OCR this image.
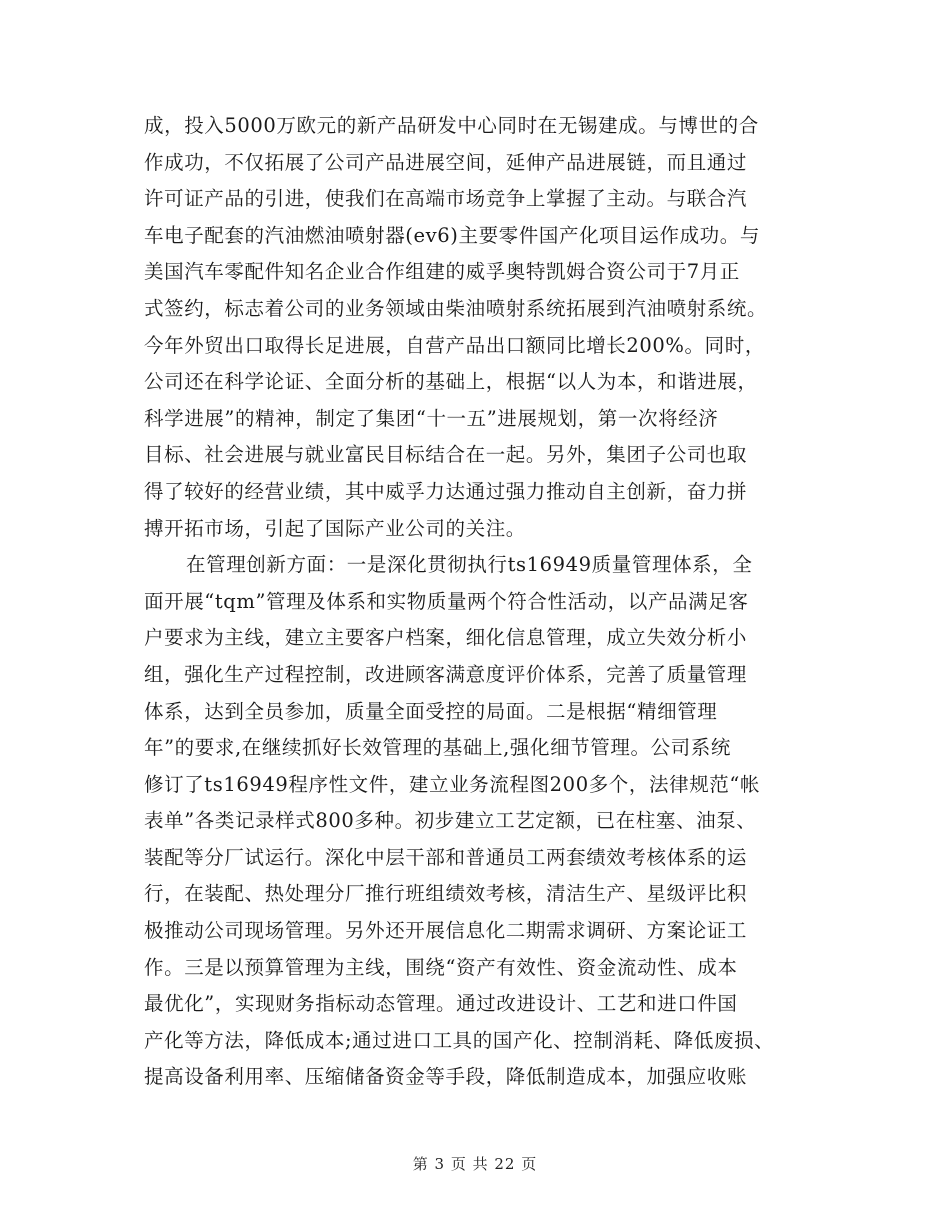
成，投入5000万欧元的新产品研发中心同时在无锡建成。与博世的合
作成功，不仅拓展了公司产品进展空间，延伸产品进展链，而且通过
许可证产品的引进，使我们在高端市场竞争上掌握了主动。与联合汽
车电子配套的汽油燃油喷射器(ev6)主要零件国产化项目运作成功。与
美国汽车零配件知名企业合作组建的威孚奥特凯姆合资公司于7月正
式签约，标志着公司的业务领域由柴油喷射系统拓展到汽油喷射系统。
今年外贸出口取得长足进展，自营产品出口额同比增长200%。同时，
公司还在科学论证、全面分析的基础上，根据“以人为本，和谐进展，
科学进展”的精神，制定了集团“十一五”进展规划，第一次将经济
目标、社会进展与就业富民目标结合在一起。另外，集团子公司也取
得了较好的经营业绩，其中威孚力达通过强力推动自主创新，奋力拼
搏开拓市场，引起了国际产业公司的关注。
在管理创新方面：一是深化贯彻执行ts16949质量管理体系，全
面开展“tqm”管理及体系和实物质量两个符合性活动，以产品满足客
户要求为主线，建立主要客户档案，细化信息管理，成立失效分析小
组，强化生产过程控制，改进顾客满意度评价体系，完善了质量管理
体系，达到全员参加，质量全面受控的局面。二是根据“精细管理
年”的要求,在继续抓好长效管理的基础上,强化细节管理。公司系统
修订了ts16949程序性文件，建立业务流程图200多个，法律规范“帐
表单”各类记录样式800多种。初步建立工艺定额，已在柱塞、油泵、
装配等分厂试运行。深化中层干部和普通员工两套绩效考核体系的运
行，在装配、热处理分厂推行班组绩效考核，清洁生产、星级评比积
极推动公司现场管理。另外还开展信息化二期需求调研、方案论证工
作。三是以预算管理为主线，围绕“资产有效性、资金流动性、成本
最优化”，实现财务指标动态管理。通过改进设计、工艺和进口件国
产化等方法，降低成本;通过进口工具的国产化、控制消耗、降低废损、
提高设备利用率、压缩储备资金等手段，降低制造成本，加强应收账
第 3 页 共 22 页
